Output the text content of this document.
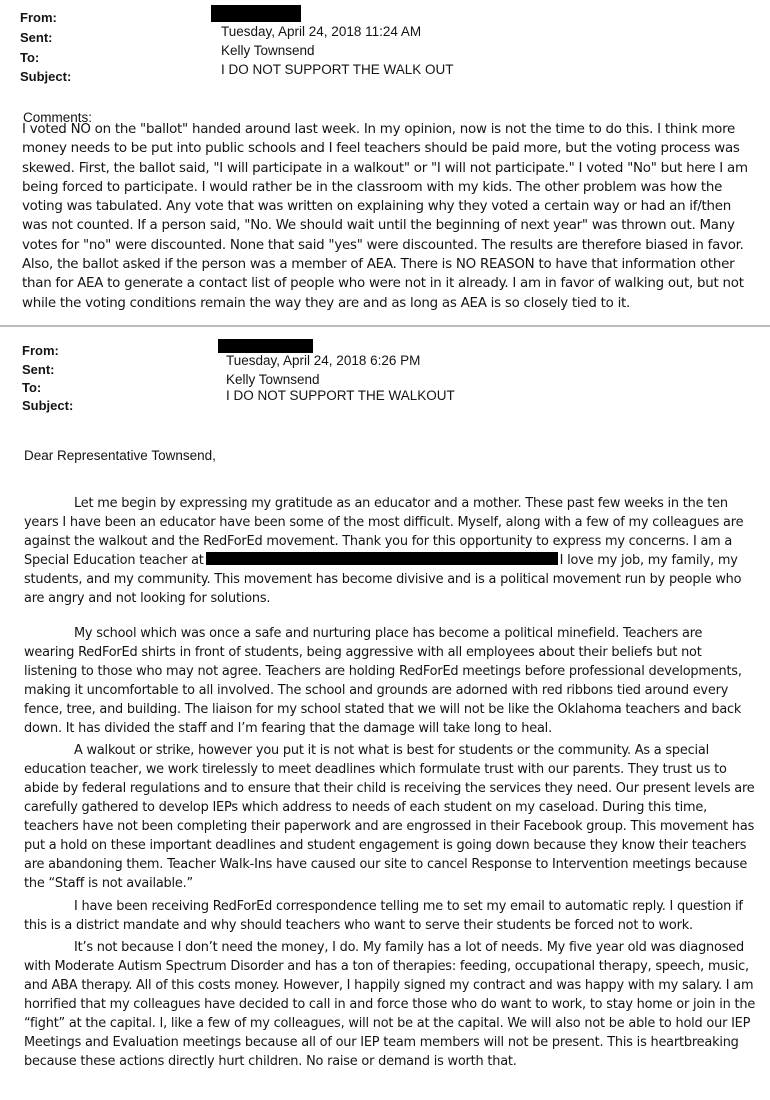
From:
Sent:
To:
Subject:
Tuesday, April 24, 2018 11:24 AM
Kelly Townsend
I DO NOT SUPPORT THE WALK OUT
Comments:

I voted NO on the "ballot" handed around last week. In my opinion, now is not the time to do this. I think more money needs to be put into public schools and I feel teachers should be paid more, but the voting process was skewed. First, the ballot said, "I will participate in a walkout" or "I will not participate." I voted "No" but here I am being forced to participate. I would rather be in the classroom with my kids. The other problem was how the voting was tabulated. Any vote that was written on explaining why they voted a certain way or had an if/then was not counted. If a person said, "No. We should wait until the beginning of next year" was thrown out. Many votes for "no" were discounted. None that said "yes" were discounted. The results are therefore biased in favor. Also, the ballot asked if the person was a member of AEA. There is NO REASON to have that information other than for AEA to generate a contact list of people who were not in it already. I am in favor of walking out, but not while the voting conditions remain the way they are and as long as AEA is so closely tied to it.

From:
Sent:
To:
Subject:
Tuesday, April 24, 2018 6:26 PM
Kelly Townsend
I DO NOT SUPPORT THE WALKOUT
Dear Representative Townsend,

Let me begin by expressing my gratitude as an educator and a mother. These past few weeks in the ten years I have been an educator have been some of the most difficult. Myself, along with a few of my colleagues are against the walkout and the RedForEd movement. Thank you for this opportunity to express my concerns. I am a Special Education teacher at	I love my job, my family, my students, and my community. This movement has become divisive and is a political movement run by people who are angry and not looking for solutions.

My school which was once a safe and nurturing place has become a political minefield. Teachers are wearing RedForEd shirts in front of students, being aggressive with all employees about their beliefs but not listening to those who may not agree. Teachers are holding RedForEd meetings before professional developments, making it uncomfortable to all involved. The school and grounds are adorned with red ribbons tied around every fence, tree, and building. The liaison for my school stated that we will not be like the Oklahoma teachers and back down. It has divided the staff and I’m fearing that the damage will take long to heal.

A walkout or strike, however you put it is not what is best for students or the community. As a special education teacher, we work tirelessly to meet deadlines which formulate trust with our parents. They trust us to abide by federal regulations and to ensure that their child is receiving the services they need. Our present levels are carefully gathered to develop IEPs which address to needs of each student on my caseload. During this time, teachers have not been completing their paperwork and are engrossed in their Facebook group. This movement has put a hold on these important deadlines and student engagement is going down because they know their teachers are abandoning them. Teacher Walk-Ins have caused our site to cancel Response to Intervention meetings because the “Staff is not available.”

I have been receiving RedForEd correspondence telling me to set my email to automatic reply. I question if this is a district mandate and why should teachers who want to serve their students be forced not to work.

It’s not because I don’t need the money, I do. My family has a lot of needs. My five year old was diagnosed with Moderate Autism Spectrum Disorder and has a ton of therapies: feeding, occupational therapy, speech, music, and ABA therapy. All of this costs money. However, I happily signed my contract and was happy with my salary. I am horrified that my colleagues have decided to call in and force those who do want to work, to stay home or join in the “fight” at the capital. I, like a few of my colleagues, will not be at the capital. We will also not be able to hold our IEP Meetings and Evaluation meetings because all of our IEP team members will not be present. This is heartbreaking because these actions directly hurt children. No raise or demand is worth that.
